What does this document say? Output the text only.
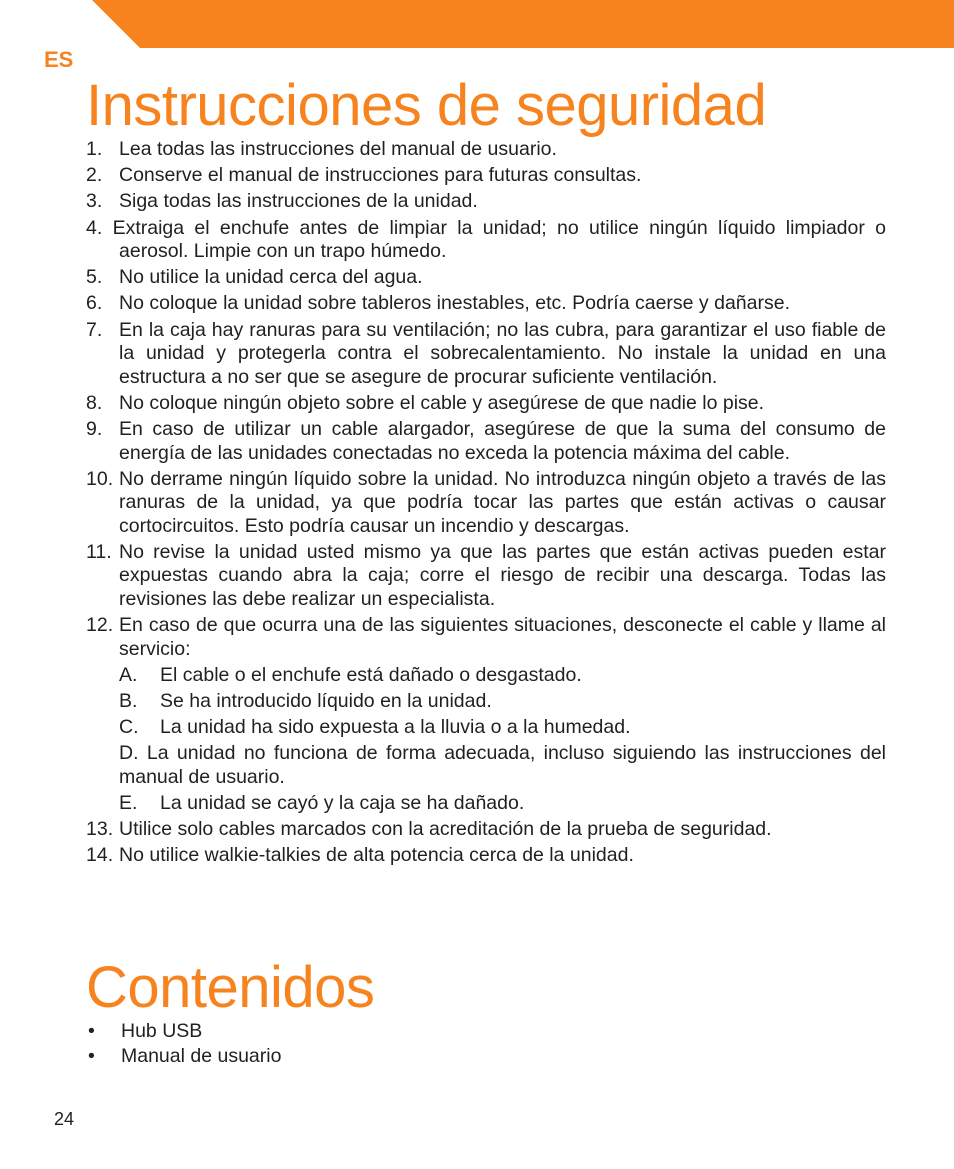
ES
Instrucciones de seguridad
1. Lea todas las instrucciones del manual de usuario.
2. Conserve el manual de instrucciones para futuras consultas.
3. Siga todas las instrucciones de la unidad.
4. Extraiga el enchufe antes de limpiar la unidad; no utilice ningún líquido limpiador o aerosol. Limpie con un trapo húmedo.
5. No utilice la unidad cerca del agua.
6. No coloque la unidad sobre tableros inestables, etc. Podría caerse y dañarse.
7. En la caja hay ranuras para su ventilación; no las cubra, para garantizar el uso fiable de la unidad y protegerla contra el sobrecalentamiento. No instale la unidad en una estructura a no ser que se asegure de procurar suficiente ventilación.
8. No coloque ningún objeto sobre el cable y asegúrese de que nadie lo pise.
9. En caso de utilizar un cable alargador, asegúrese de que la suma del consumo de energía de las unidades conectadas no exceda la potencia máxima del cable.
10. No derrame ningún líquido sobre la unidad. No introduzca ningún objeto a través de las ranuras de la unidad, ya que podría tocar las partes que están activas o causar cortocircuitos. Esto podría causar un incendio y descargas.
11. No revise la unidad usted mismo ya que las partes que están activas pueden estar expuestas cuando abra la caja; corre el riesgo de recibir una descarga. Todas las revisiones las debe realizar un especialista.
12. En caso de que ocurra una de las siguientes situaciones, desconecte el cable y llame al servicio:
A.	El cable o el enchufe está dañado o desgastado.
B.	Se ha introducido líquido en la unidad.
C.	La unidad ha sido expuesta a la lluvia o a la humedad.
D. La unidad no funciona de forma adecuada, incluso siguiendo las instrucciones del manual de usuario.
E.	La unidad se cayó y la caja se ha dañado.
13. Utilice solo cables marcados con la acreditación de la prueba de seguridad.
14. No utilice walkie-talkies de alta potencia cerca de la unidad.
Contenidos
•	Hub USB
•	Manual de usuario
24
